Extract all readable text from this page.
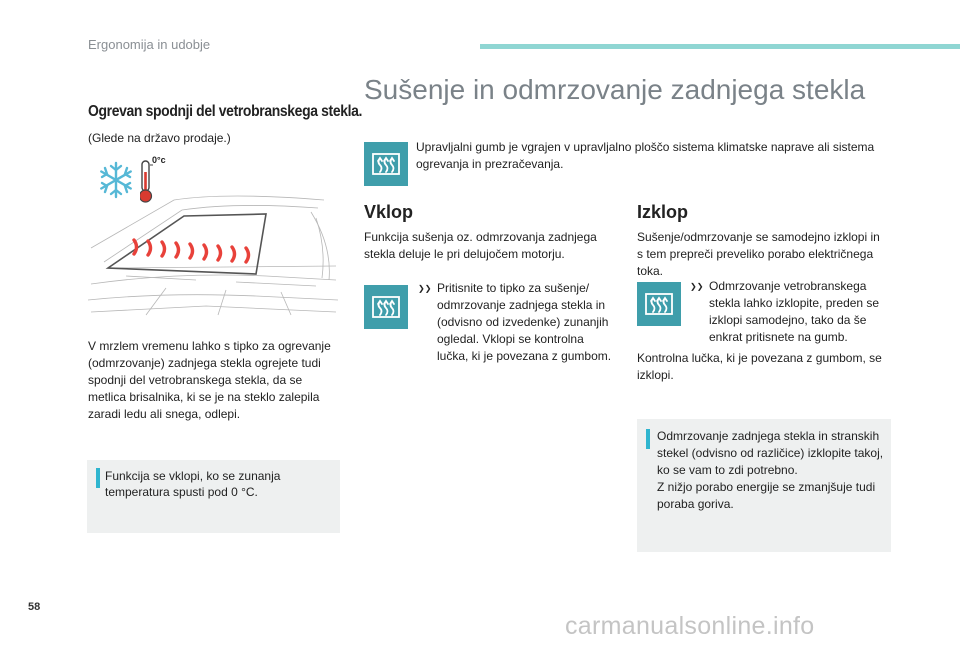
Ergonomija in udobje
Ogrevan spodnji del vetrobranskega stekla.
(Glede na državo prodaje.)
0°c
V mrzlem vremenu lahko s tipko za ogrevanje (odmrzovanje) zadnjega stekla ogrejete tudi spodnji del vetrobranskega stekla, da se metlica brisalnika, ki se je na steklo zalepila zaradi ledu ali snega, odlepi.
Funkcija se vklopi, ko se zunanja temperatura spusti pod 0 °C.
Sušenje in odmrzovanje zadnjega stekla
Upravljalni gumb je vgrajen v upravljalno ploščo sistema klimatske naprave ali sistema ogrevanja in prezračevanja.
Vklop
Funkcija sušenja oz. odmrzovanja zadnjega stekla deluje le pri delujočem motorju.
❯❯ Pritisnite to tipko za sušenje/ odmrzovanje zadnjega stekla in (odvisno od izvedenke) zunanjih ogledal. Vklopi se kontrolna lučka, ki je povezana z gumbom.
Izklop
Sušenje/odmrzovanje se samodejno izklopi in s tem prepreči preveliko porabo električnega toka.
❯❯ Odmrzovanje vetrobranskega stekla lahko izklopite, preden se izklopi samodejno, tako da še enkrat pritisnete na gumb.
Kontrolna lučka, ki je povezana z gumbom, se izklopi.
Odmrzovanje zadnjega stekla in stranskih stekel (odvisno od različice) izklopite takoj, ko se vam to zdi potrebno.
Z nižjo porabo energije se zmanjšuje tudi poraba goriva.
58
carmanualsonline.info
